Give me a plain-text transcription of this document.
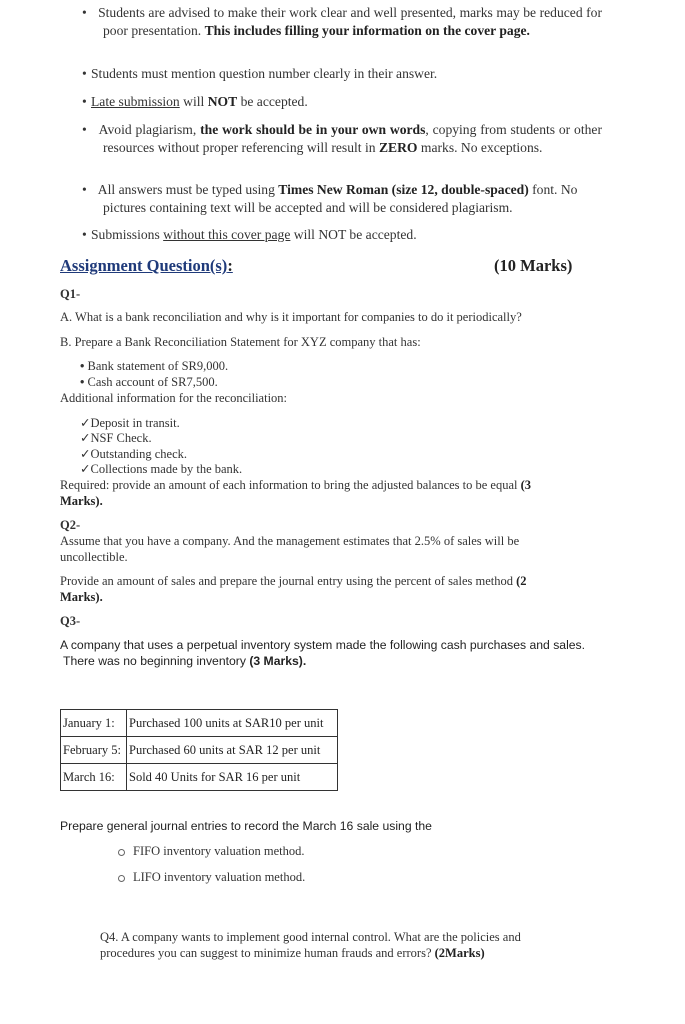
• Students are advised to make their work clear and well presented, marks may be reduced for poor presentation. This includes filling your information on the cover page.
• Students must mention question number clearly in their answer.
• Late submission will NOT be accepted.
• Avoid plagiarism, the work should be in your own words, copying from students or other resources without proper referencing will result in ZERO marks. No exceptions.
• All answers must be typed using Times New Roman (size 12, double-spaced) font. No pictures containing text will be accepted and will be considered plagiarism.
• Submissions without this cover page will NOT be accepted.
Assignment Question(s):	(10 Marks)
Q1-
A. What is a bank reconciliation and why is it important for companies to do it periodically?
B. Prepare a Bank Reconciliation Statement for XYZ company that has:
• Bank statement of SR9,000.
• Cash account of SR7,500.
Additional information for the reconciliation:
✓Deposit in transit.
✓NSF Check.
✓Outstanding check.
✓Collections made by the bank.
Required: provide an amount of each information to bring the adjusted balances to be equal (3 Marks).
Q2-
Assume that you have a company. And the management estimates that 2.5% of sales will be uncollectible.
Provide an amount of sales and prepare the journal entry using the percent of sales method (2 Marks).
Q3-
A company that uses a perpetual inventory system made the following cash purchases and sales.
There was no beginning inventory (3 Marks).
January 1:	Purchased 100 units at SAR10 per unit
February 5:	Purchased 60 units at SAR 12 per unit
March 16:	Sold 40 Units for SAR 16 per unit
Prepare general journal entries to record the March 16 sale using the
FIFO inventory valuation method.
LIFO inventory valuation method.
Q4. A company wants to implement good internal control. What are the policies and procedures you can suggest to minimize human frauds and errors? (2Marks)
